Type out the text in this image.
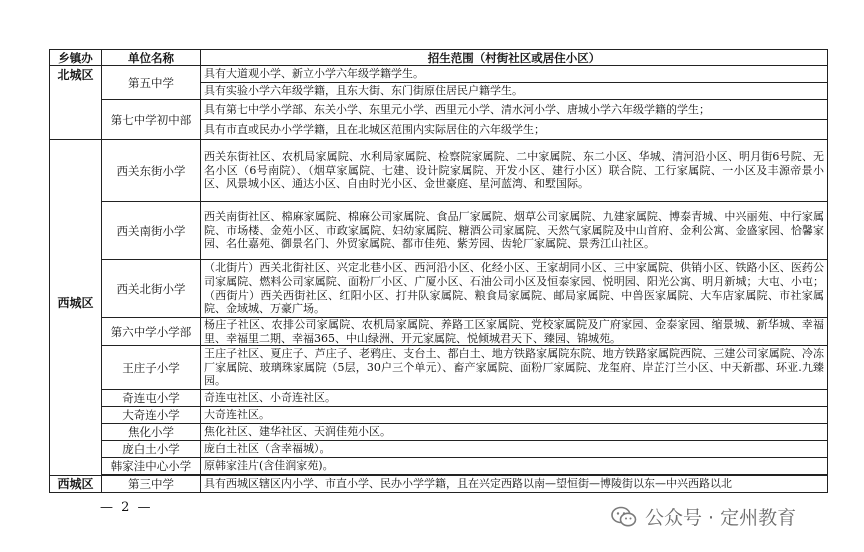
乡镇办	单位名称	招生范围（村街社区或居住小区）
北城区	第五中学	具有大道观小学、新立小学六年级学籍学生。
		具有实验小学六年级学籍，且东大街、东门街原住居民户籍学生。
	第七中学初中部	具有第七中学小学部、东关小学、东里元小学、西里元小学、清水河小学、唐城小学六年级学籍的学生；
		具有市直或民办小学学籍，且在北城区范围内实际居住的六年级学生；
西城区	西关东街小学	西关东街社区、农机局家属院、水利局家属院、检察院家属院、二中家属院、东二小区、华城、清河沿小区、明月街6号院、无名小区（6号南院）、（烟草家属院、七建、设计院家属院、开发小区、建行小区）联合院、工行家属院、一小区及丰源帝景小区、风景城小区、通达小区、自由时光小区、金世豪庭、星河蓝湾、和墅国际。
	西关南街小学	西关南街社区、棉麻家属院、棉麻公司家属院、食品厂家属院、烟草公司家属院、九建家属院、博泰青城、中兴丽苑、中行家属院、市场楼、金苑小区、市政家属院、妇幼家属院、糖酒公司家属院、天然气家属院及中山首府、金利公寓、金盛家园、恰馨家园、名仕嘉苑、御景名门、外贸家属院、都市佳苑、紫芳园、齿轮厂家属院、景秀江山社区。
	西关北街小学	（北街片）西关北街社区、兴定北巷小区、西河沿小区、化经小区、王家胡同小区、三中家属院、供销小区、铁路小区、医药公司家属院、燃料公司家属院、面粉厂小区、广厦小区、石油公司小区及恒泰家园、悦明园、阳光公寓、明月新城；大屯、小屯；（西街片）西关西街社区、红阳小区、打井队家属院、粮食局家属院、邮局家属院、中兽医家属院、大车店家属院、市社家属院、金域城、万豪广场。
	第六中学小学部	杨庄子社区、农排公司家属院、农机局家属院、养路工区家属院、党校家属院及广府家园、金泰家园、缩景城、新华城、幸福里、幸福里二期、幸福365、中山绿洲、开元家属院、悦倾城君天下、臻园、锦城苑。
	王庄子小学	王庄子社区、夏庄子、芦庄子、老鸦庄、支台土、都白土、地方铁路家属院东院、地方铁路家属院西院、三建公司家属院、冷冻厂家属院、玻璃珠家属院（5层，30户三个单元）、畜产家属院、面粉厂家属院、龙玺府、岸芷汀兰小区、中天新郡、环亚.九臻园。
	奇连屯小学	奇连屯社区、小奇连社区。
	大奇连小学	大奇连社区。
	焦化小学	焦化社区、建华社区、天润佳苑小区。
	庞白土小学	庞白土社区（含幸福城）。
	韩家洼中心小学	原韩家洼片(含佳润家苑)。

西城区	第三中学	具有西城区辖区内小学、市直小学、民办小学学籍，且在兴定西路以南—望恒街—博陵街以东—中兴西路以北
— 2 —	公众号 · 定州教育
